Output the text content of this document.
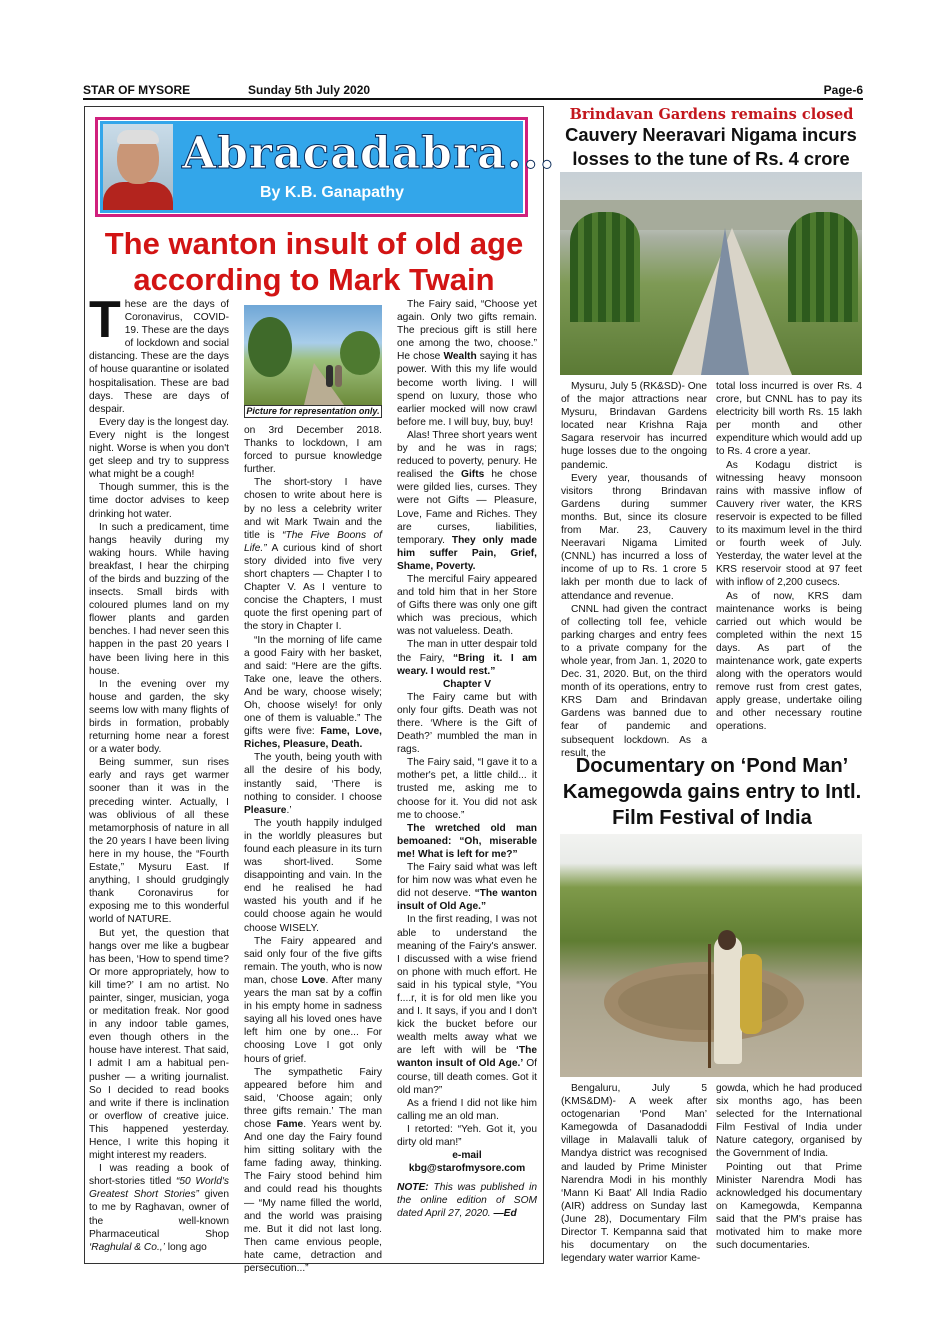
STAR OF MYSORE	Sunday 5th July 2020	Page-6
Abracadabra...
By K.B. Ganapathy
The wanton insult of old age
according to Mark Twain

These are the days of Coronavirus, COVID-19. These are the days of lockdown and social distancing. These are the days of house quarantine or isolated hospitalisation. These are bad days. These are days of despair.

Every day is the longest day. Every night is the longest night. Worse is when you don't get sleep and try to suppress what might be a cough!

Though summer, this is the time doctor advises to keep drinking hot water.

In such a predicament, time hangs heavily during my waking hours. While having breakfast, I hear the chirping of the birds and buzzing of the insects. Small birds with coloured plumes land on my flower plants and garden benches. I had never seen this happen in the past 20 years I have been living here in this house.

In the evening over my house and garden, the sky seems low with many flights of birds in formation, probably returning home near a forest or a water body.

Being summer, sun rises early and rays get warmer sooner than it was in the preceding winter. Actually, I was oblivious of all these metamorphosis of nature in all the 20 years I have been living here in my house, the “Fourth Estate,” Mysuru East. If anything, I should grudgingly thank Coronavirus for exposing me to this wonderful world of NATURE.

But yet, the question that hangs over me like a bugbear has been, ‘How to spend time? Or more appropriately, how to kill time?’ I am no artist. No painter, singer, musician, yoga or meditation freak. Nor good in any indoor table games, even though others in the house have interest. That said, I admit I am a habitual pen-pusher — a writing journalist. So I decided to read books and write if there is inclination or overflow of creative juice. This happened yesterday. Hence, I write this hoping it might interest my readers.

I was reading a book of short-stories titled “50 World's Greatest Short Stories” given to me by Raghavan, owner of the well-known Pharmaceutical Shop ‘Raghulal & Co.,’ long ago

Picture for representation only.

on 3rd December 2018. Thanks to lockdown, I am forced to pursue knowledge further.

The short-story I have chosen to write about here is by no less a celebrity writer and wit Mark Twain and the title is “The Five Boons of Life.” A curious kind of short story divided into five very short chapters — Chapter I to Chapter V. As I venture to concise the Chapters, I must quote the first opening part of the story in Chapter I.

“In the morning of life came a good Fairy with her basket, and said: “Here are the gifts. Take one, leave the others. And be wary, choose wisely; Oh, choose wisely! for only one of them is valuable.” The gifts were five: Fame, Love, Riches, Pleasure, Death.

The youth, being youth with all the desire of his body, instantly said, ‘There is nothing to consider. I choose Pleasure.’

The youth happily indulged in the worldly pleasures but found each pleasure in its turn was short-lived. Some disappointing and vain. In the end he realised he had wasted his youth and if he could choose again he would choose WISELY.

The Fairy appeared and said only four of the five gifts remain. The youth, who is now man, chose Love. After many years the man sat by a coffin in his empty home in sadness saying all his loved ones have left him one by one... For choosing Love I got only hours of grief.

The sympathetic Fairy appeared before him and said, ‘Choose again; only three gifts remain.’ The man chose Fame. Years went by. And one day the Fairy found him sitting solitary with the fame fading away, thinking. The Fairy stood behind him and could read his thoughts — “My name filled the world, and the world was praising me. But it did not last long. Then came envious people, hate came, detraction and persecution...”

The Fairy said, “Choose yet again. Only two gifts remain. The precious gift is still here one among the two, choose.” He chose Wealth saying it has power. With this my life would become worth living. I will spend on luxury, those who earlier mocked will now crawl before me. I will buy, buy, buy!

Alas! Three short years went by and he was in rags; reduced to poverty, penury. He realised the Gifts he chose were gilded lies, curses. They were not Gifts — Pleasure, Love, Fame and Riches. They are curses, liabilities, temporary. They only made him suffer Pain, Grief, Shame, Poverty.

The merciful Fairy appeared and told him that in her Store of Gifts there was only one gift which was precious, which was not valueless. Death.

The man in utter despair told the Fairy, “Bring it. I am weary. I would rest.”

Chapter V

The Fairy came but with only four gifts. Death was not there. ‘Where is the Gift of Death?’ mumbled the man in rags.

The Fairy said, “I gave it to a mother's pet, a little child... it trusted me, asking me to choose for it. You did not ask me to choose.”

The wretched old man bemoaned: “Oh, miserable me! What is left for me?”

The Fairy said what was left for him now was what even he did not deserve. “The wanton insult of Old Age.”

In the first reading, I was not able to understand the meaning of the Fairy's answer. I discussed with a wise friend on phone with much effort. He said in his typical style, “You f....r, it is for old men like you and I. It says, if you and I don't kick the bucket before our wealth melts away what we are left with will be ‘The wanton insult of Old Age.’ Of course, till death comes. Got it old man?”

As a friend I did not like him calling me an old man.

I retorted: “Yeh. Got it, you dirty old man!”

e-mail

kbg@starofmysore.com

NOTE: This was published in the online edition of SOM dated April 27, 2020. —Ed

Brindavan Gardens remains closed
Cauvery Neeravari Nigama incurs losses to the tune of Rs. 4 crore

Mysuru, July 5 (RK&SD)- One of the major attractions near Mysuru, Brindavan Gardens located near Krishna Raja Sagara reservoir has incurred huge losses due to the ongoing pandemic.

Every year, thousands of visitors throng Brindavan Gardens during summer months. But, since its closure from Mar. 23, Cauvery Neeravari Nigama Limited (CNNL) has incurred a loss of income of up to Rs. 1 crore 5 lakh per month due to lack of attendance and revenue.

CNNL had given the contract of collecting toll fee, vehicle parking charges and entry fees to a private company for the whole year, from Jan. 1, 2020 to Dec. 31, 2020. But, on the third month of its operations, entry to KRS Dam and Brindavan Gardens was banned due to fear of pandemic and subsequent lockdown. As a result, the

total loss incurred is over Rs. 4 crore, but CNNL has to pay its electricity bill worth Rs. 15 lakh per month and other expenditure which would add up to Rs. 4 crore a year.

As Kodagu district is witnessing heavy monsoon rains with massive inflow of Cauvery river water, the KRS reservoir is expected to be filled to its maximum level in the third or fourth week of July. Yesterday, the water level at the KRS reservoir stood at 97 feet with inflow of 2,200 cusecs.

As of now, KRS dam maintenance works is being carried out which would be completed within the next 15 days. As part of the maintenance work, gate experts along with the operators would remove rust from crest gates, apply grease, undertake oiling and other necessary routine operations.

Documentary on ‘Pond Man’ Kamegowda gains entry to Intl. Film Festival of India

Bengaluru, July 5 (KMS&DM)- A week after octogenarian ‘Pond Man’ Kamegowda of Dasanadoddi village in Malavalli taluk of Mandya district was recognised and lauded by Prime Minister Narendra Modi in his monthly ‘Mann Ki Baat’ All India Radio (AIR) address on Sunday last (June 28), Documentary Film Director T. Kempanna said that his documentary on the legendary water warrior Kame-

gowda, which he had produced six months ago, has been selected for the International Film Festival of India under Nature category, organised by the Government of India.

Pointing out that Prime Minister Narendra Modi has acknowledged his documentary on Kamegowda, Kempanna said that the PM's praise has motivated him to make more such documentaries.
